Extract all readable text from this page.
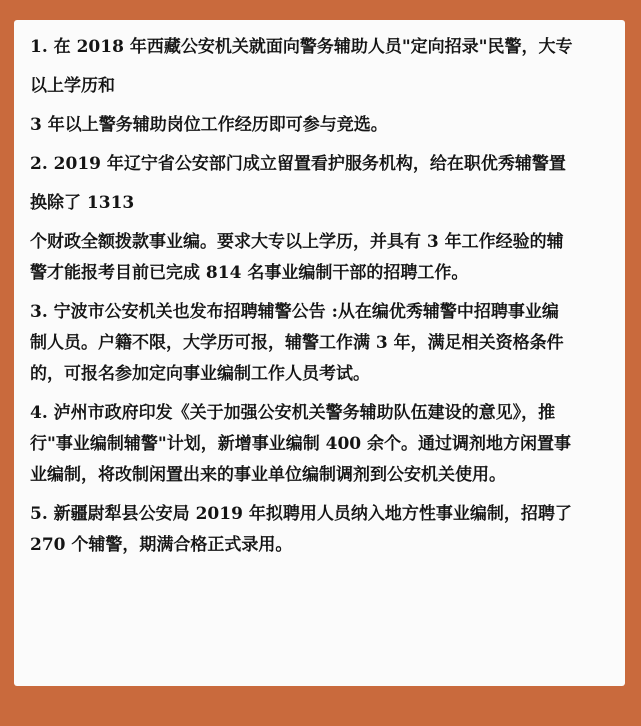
1. 在 2018 年西藏公安机关就面向警务辅助人员"定向招录"民警，大专

以上学历和

3 年以上警务辅助岗位工作经历即可参与竞选。

2. 2019 年辽宁省公安部门成立留置看护服务机构，给在职优秀辅警置

换除了 1313

个财政全额拨款事业编。要求大专以上学历，并具有 3 年工作经验的辅

警才能报考目前已完成 814 名事业编制干部的招聘工作。

3. 宁波市公安机关也发布招聘辅警公告 :从在编优秀辅警中招聘事业编

制人员。户籍不限，大学历可报，辅警工作满 3 年，满足相关资格条件

的，可报名参加定向事业编制工作人员考试。

4. 泸州市政府印发《关于加强公安机关警务辅助队伍建设的意见》，推

行"事业编制辅警"计划，新增事业编制 400 余个。通过调剂地方闲置事

业编制，将改制闲置出来的事业单位编制调剂到公安机关使用。

5. 新疆尉犁县公安局 2019 年拟聘用人员纳入地方性事业编制，招聘了

270 个辅警，期满合格正式录用。
